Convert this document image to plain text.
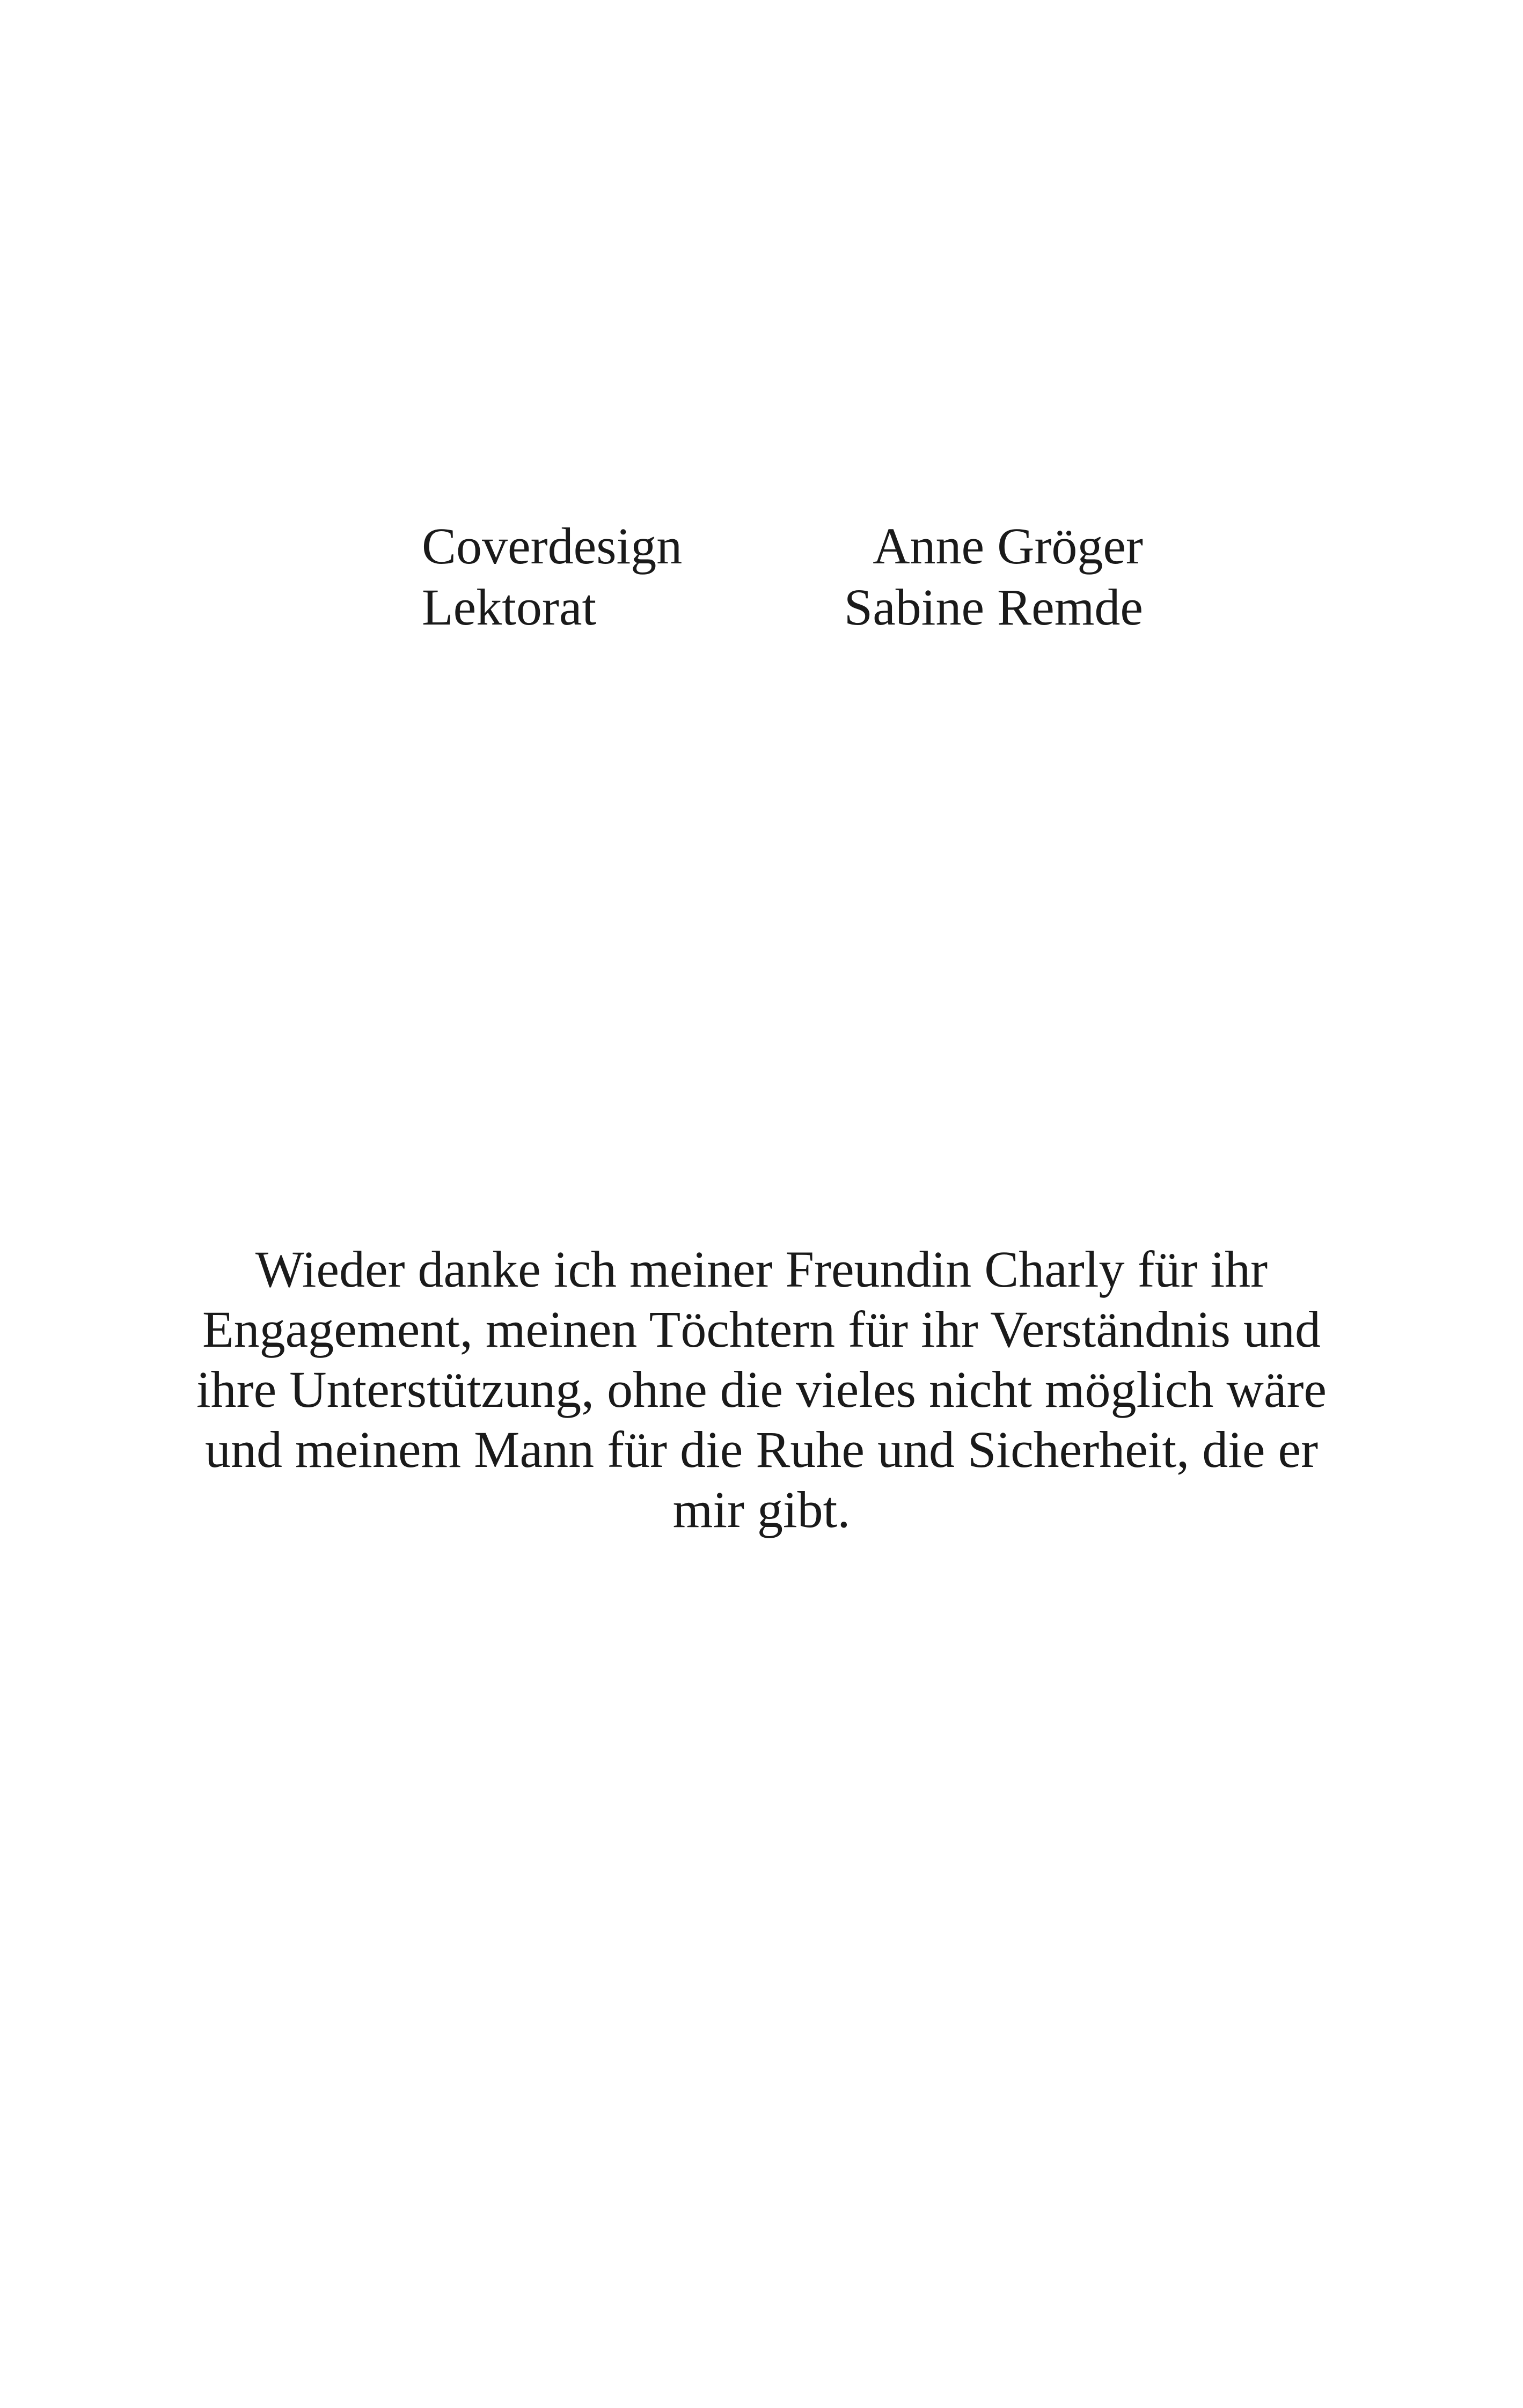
Coverdesign	Anne Gröger
Lektorat	Sabine Remde
Wieder danke ich meiner Freundin Charly für ihr
Engagement, meinen Töchtern für ihr Verständnis und
ihre Unterstützung, ohne die vieles nicht möglich wäre
und meinem Mann für die Ruhe und Sicherheit, die er
mir gibt.
